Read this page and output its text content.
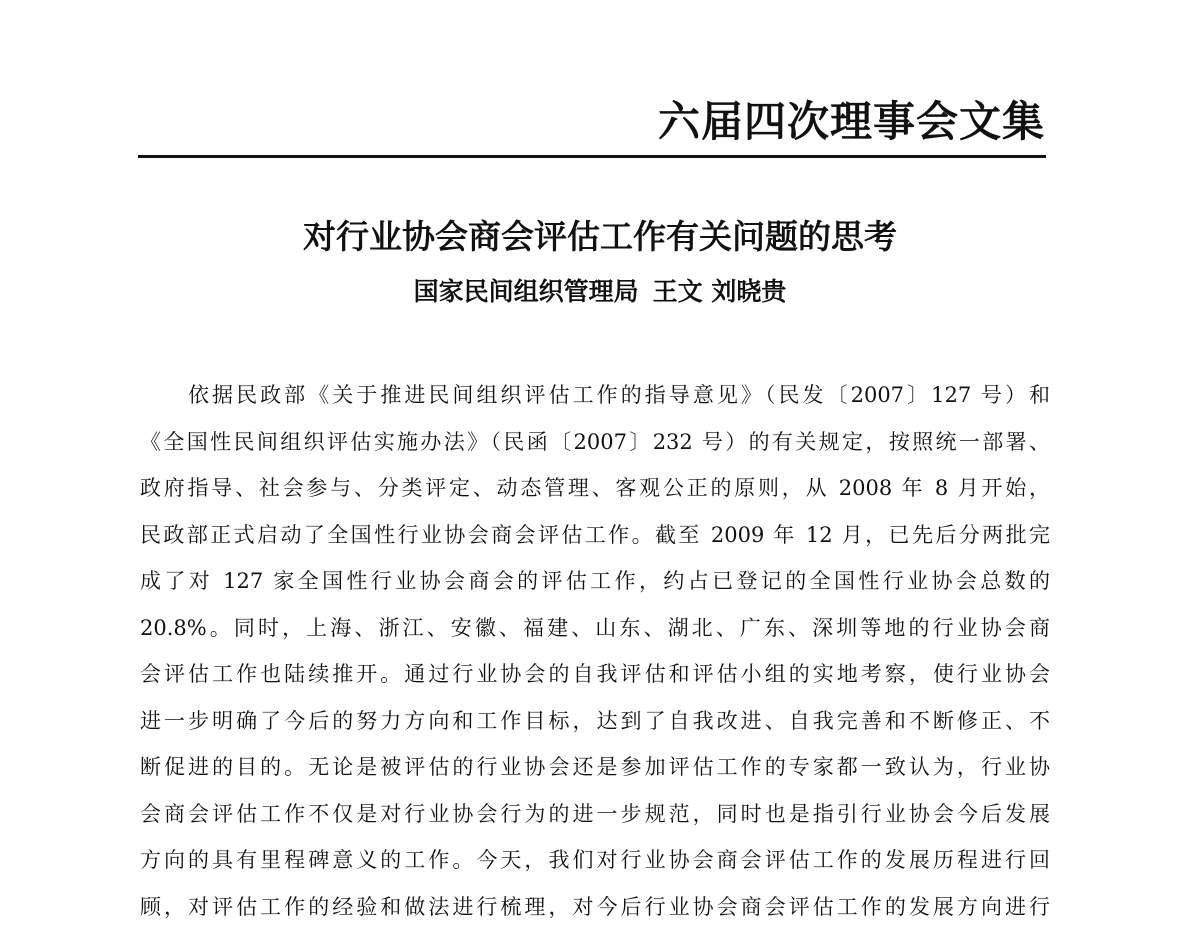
六届四次理事会文集
对行业协会商会评估工作有关问题的思考
国家民间组织管理局 王文 刘晓贵
依据民政部《关于推进民间组织评估工作的指导意见》（民发〔2007〕127 号）和
《全国性民间组织评估实施办法》（民函〔2007〕232 号）的有关规定，按照统一部署、
政府指导、社会参与、分类评定、动态管理、客观公正的原则，从 2008 年 8 月开始，
民政部正式启动了全国性行业协会商会评估工作。截至 2009 年 12 月，已先后分两批完
成了对 127 家全国性行业协会商会的评估工作，约占已登记的全国性行业协会总数的
20.8%。同时，上海、浙江、安徽、福建、山东、湖北、广东、深圳等地的行业协会商
会评估工作也陆续推开。通过行业协会的自我评估和评估小组的实地考察，使行业协会
进一步明确了今后的努力方向和工作目标，达到了自我改进、自我完善和不断修正、不
断促进的目的。无论是被评估的行业协会还是参加评估工作的专家都一致认为，行业协
会商会评估工作不仅是对行业协会行为的进一步规范，同时也是指引行业协会今后发展
方向的具有里程碑意义的工作。今天，我们对行业协会商会评估工作的发展历程进行回
顾，对评估工作的经验和做法进行梳理，对今后行业协会商会评估工作的发展方向进行
